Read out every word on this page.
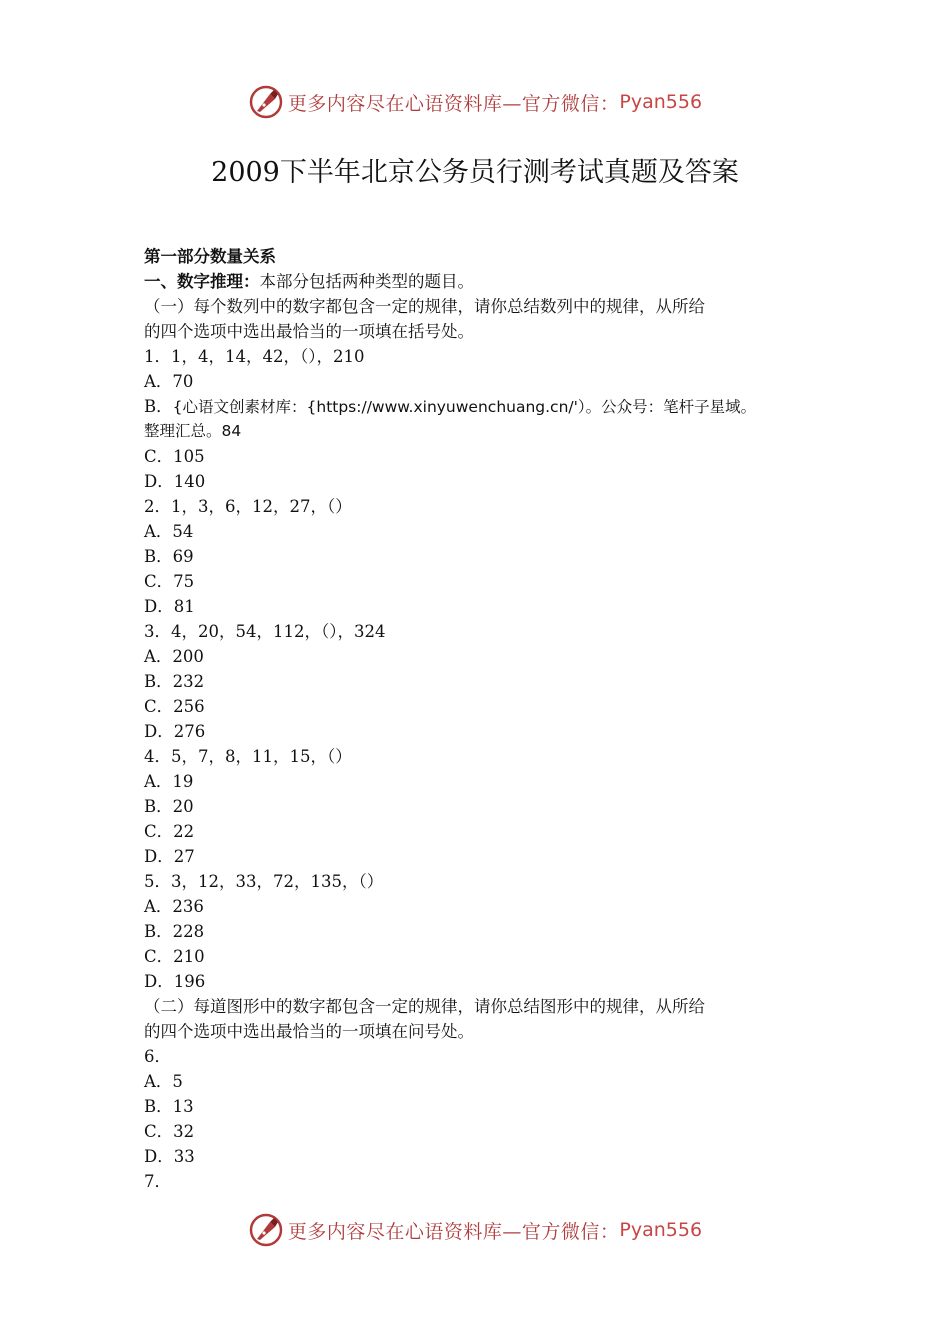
更多内容尽在心语资料库—官方微信： Pyan556
2009下半年北京公务员行测考试真题及答案
第一部分数量关系
一、数字推理：本部分包括两种类型的题目。
（一）每个数列中的数字都包含一定的规律，请你总结数列中的规律，从所给
的四个选项中选出最恰当的一项填在括号处。
1．1，4，14，42，（），210
A．70
B．{心语文创素材库：{https://www.xinyuwenchuang.cn/'）。公众号：笔杆子星域。
整理汇总。84
C．105
D．140
2．1，3，6，12，27，（）
A．54
B．69
C．75
D．81
3．4，20，54，112，（），324
A．200
B．232
C．256
D．276
4．5，7，8，11，15，（）
A．19
B．20
C．22
D．27
5．3，12，33，72，135，（）
A．236
B．228
C．210
D．196
（二）每道图形中的数字都包含一定的规律，请你总结图形中的规律，从所给
的四个选项中选出最恰当的一项填在问号处。
6．
A．5
B．13
C．32
D．33
7．
更多内容尽在心语资料库—官方微信： Pyan556
